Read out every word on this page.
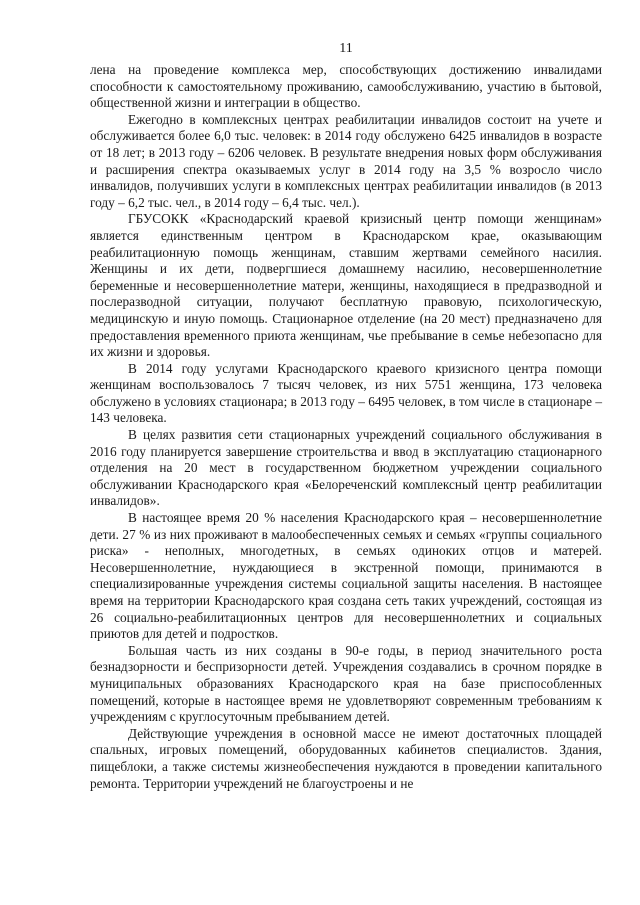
11

лена на проведение комплекса мер, способствующих достижению инвалидами способности к самостоятельному проживанию, самообслуживанию, участию в бытовой, общественной жизни и интеграции в общество.

Ежегодно в комплексных центрах реабилитации инвалидов состоит на учете и обслуживается более 6,0 тыс. человек: в 2014 году обслужено 6425 инвалидов в возрасте от 18 лет; в 2013 году – 6206 человек. В результате внедрения новых форм обслуживания и расширения спектра оказываемых услуг в 2014 году на 3,5 % возросло число инвалидов, получивших услуги в комплексных центрах реабилитации инвалидов (в 2013 году – 6,2 тыс. чел., в 2014 году – 6,4 тыс. чел.).

ГБУСОКК «Краснодарский краевой кризисный центр помощи женщинам» является единственным центром в Краснодарском крае, оказывающим реабилитационную помощь женщинам, ставшим жертвами семейного насилия. Женщины и их дети, подвергшиеся домашнему насилию, несовершеннолетние беременные и несовершеннолетние матери, женщины, находящиеся в предразводной и послеразводной ситуации, получают бесплатную правовую, психологическую, медицинскую и иную помощь. Стационарное отделение (на 20 мест) предназначено для предоставления временного приюта женщинам, чье пребывание в семье небезопасно для их жизни и здоровья.

В 2014 году услугами Краснодарского краевого кризисного центра помощи женщинам воспользовалось 7 тысяч человек, из них 5751 женщина, 173 человека обслужено в условиях стационара; в 2013 году – 6495 человек, в том числе в стационаре – 143 человека.

В целях развития сети стационарных учреждений социального обслуживания в 2016 году планируется завершение строительства и ввод в эксплуатацию стационарного отделения на 20 мест в государственном бюджетном учреждении социального обслуживании Краснодарского края «Белореченский комплексный центр реабилитации инвалидов».

В настоящее время 20 % населения Краснодарского края – несовершеннолетние дети. 27 % из них проживают в малообеспеченных семьях и семьях «группы социального риска» - неполных, многодетных, в семьях одиноких отцов и матерей. Несовершеннолетние, нуждающиеся в экстренной помощи, принимаются в специализированные учреждения системы социальной защиты населения. В настоящее время на территории Краснодарского края создана сеть таких учреждений, состоящая из 26 социально-реабилитационных центров для несовершеннолетних и социальных приютов для детей и подростков.

Большая часть из них созданы в 90-е годы, в период значительного роста безнадзорности и беспризорности детей. Учреждения создавались в срочном порядке в муниципальных образованиях Краснодарского края на базе приспособленных помещений, которые в настоящее время не удовлетворяют современным требованиям к учреждениям с круглосуточным пребыванием детей.

Действующие учреждения в основной массе не имеют достаточных площадей спальных, игровых помещений, оборудованных кабинетов специалистов. Здания, пищеблоки, а также системы жизнеобеспечения нуждаются в проведении капитального ремонта. Территории учреждений не благоустроены и не
